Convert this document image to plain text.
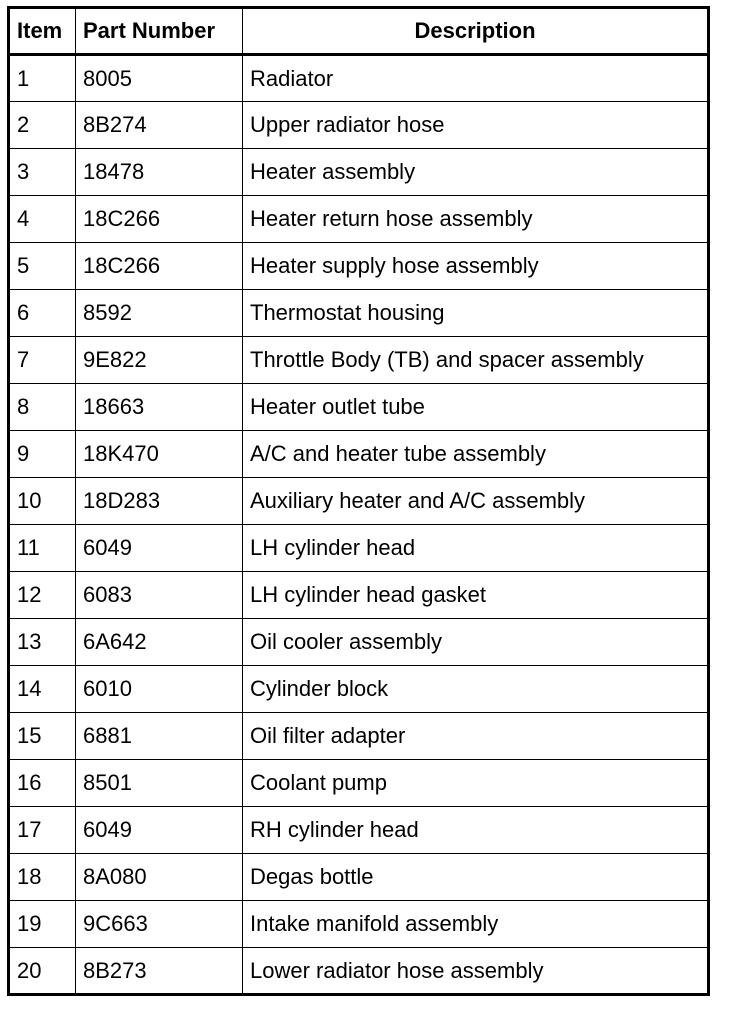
Item	Part Number	Description
1	8005	Radiator
2	8B274	Upper radiator hose
3	18478	Heater assembly
4	18C266	Heater return hose assembly
5	18C266	Heater supply hose assembly
6	8592	Thermostat housing
7	9E822	Throttle Body (TB) and spacer assembly
8	18663	Heater outlet tube
9	18K470	A/C and heater tube assembly
10	18D283	Auxiliary heater and A/C assembly
11	6049	LH cylinder head
12	6083	LH cylinder head gasket
13	6A642	Oil cooler assembly
14	6010	Cylinder block
15	6881	Oil filter adapter
16	8501	Coolant pump
17	6049	RH cylinder head
18	8A080	Degas bottle
19	9C663	Intake manifold assembly
20	8B273	Lower radiator hose assembly
